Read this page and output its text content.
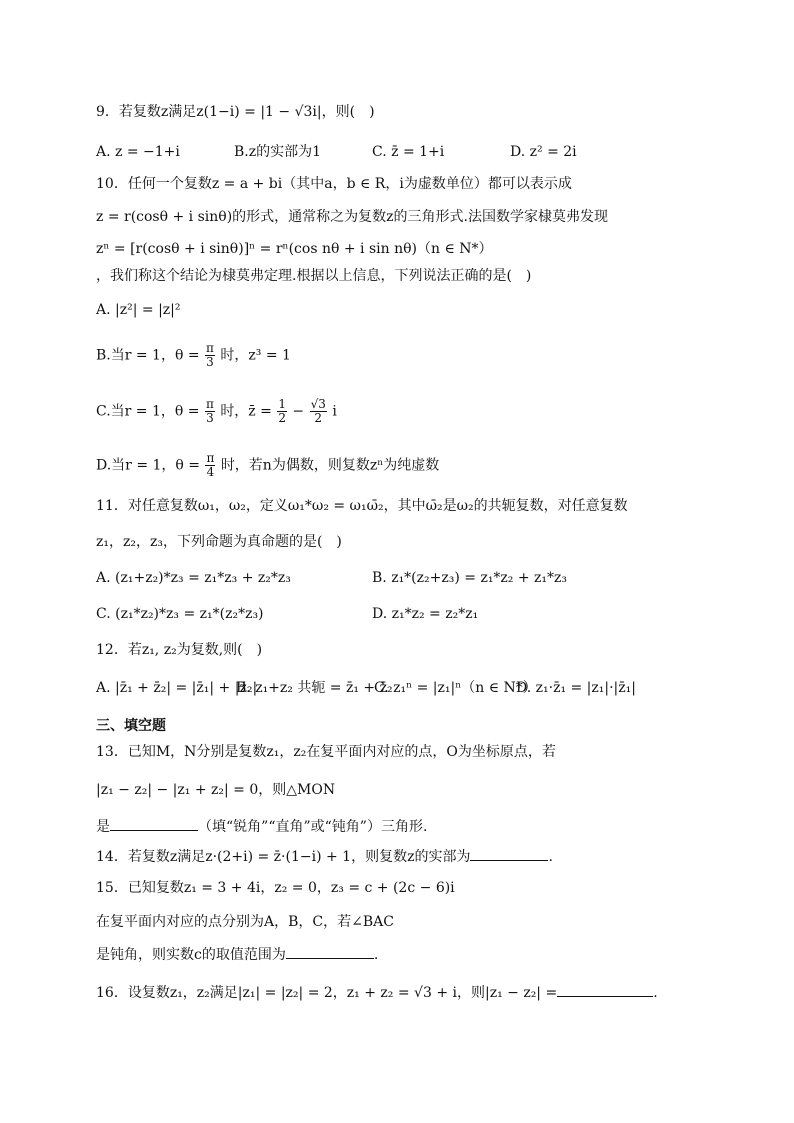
9．若复数z满足z(1−i) = |1 − √3i|，则(　)
A. z = −1+i	B.z的实部为1	C. z̄ = 1+i	D. z² = 2i
10．任何一个复数z = a + bi（其中a，b ∈ R，i为虚数单位）都可以表示成
z = r(cosθ + i sinθ)的形式，通常称之为复数z的三角形式.法国数学家棣莫弗发现
zⁿ = [r(cosθ + i sinθ)]ⁿ = rⁿ(cos nθ + i sin nθ)（n ∈ N*）
，我们称这个结论为棣莫弗定理.根据以上信息，下列说法正确的是(　)
A. |z²| = |z|²
B.当r = 1，$\theta = \frac{\pi}{3}$ 时，z³ = 1
C.当r = 1，$\theta = \frac{\pi}{3}$ 时，z̄ = $\frac{1}{2} - \frac{√3}{2}$ i
D.当r = 1，$\theta = \frac{\pi}{4}$ 时，若n为偶数，则复数zⁿ为纯虚数
11．对任意复数ω₁，ω₂，定义ω₁*ω₂ = ω₁ω̄₂，其中ω̄₂是ω₂的共轭复数，对任意复数
z₁，z₂，z₃，下列命题为真命题的是(　)
A. (z₁+z₂)*z₃ = z₁*z₃ + z₂*z₃	B. z₁*(z₂+z₃) = z₁*z₂ + z₁*z₃
C. (z₁*z₂)*z₃ = z₁*(z₂*z₃)	D. z₁*z₂ = z₂*z₁
12．若z₁, z₂为复数,则(　)
A. |z̄₁ + z̄₂| = |z̄₁| + |z̄₂|
B. z₁+z₂ 共轭 = z̄₁ + z̄₂
C. z₁ⁿ = |z₁|ⁿ（n ∈ N*）
D. z₁·z̄₁ = |z₁|·|z̄₁|
三、填空题
13．已知M，N分别是复数z₁，z₂在复平面内对应的点，O为坐标原点，若
|z₁ − z₂| − |z₁ + z₂| = 0，则△MON
是	（填“锐角”“直角”或“钝角”）三角形.
14．若复数z满足z·(2+i) = z̄·(1−i) + 1，则复数z的实部为	.
15．已知复数z₁ = 3 + 4i，z₂ = 0，z₃ = c + (2c − 6)i
在复平面内对应的点分别为A，B，C，若∠BAC
是钝角，则实数c的取值范围为	.
16．设复数z₁，z₂满足|z₁| = |z₂| = 2，z₁ + z₂ = √3 + i，则|z₁ − z₂| =	.
